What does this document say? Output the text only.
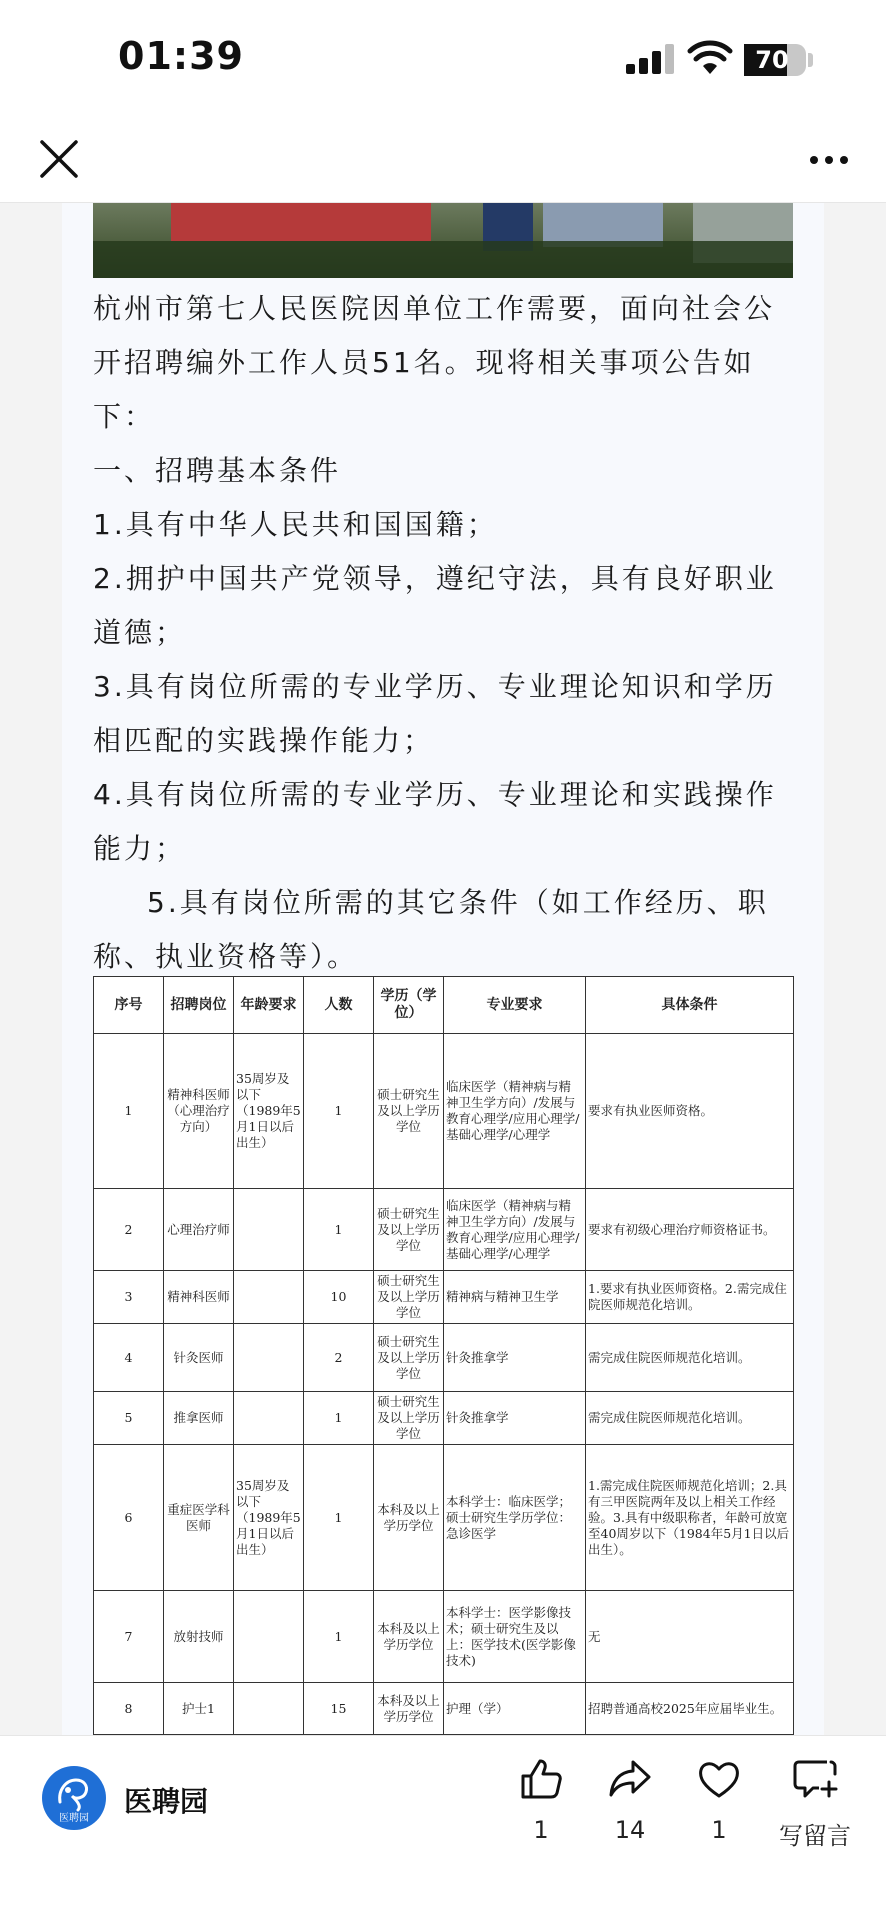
01:39	70
杭州市第七人民医院因单位工作需要，面向社会公开招聘编外工作人员51名。现将相关事项公告如下：
一、招聘基本条件
1.具有中华人民共和国国籍；
2.拥护中国共产党领导，遵纪守法，具有良好职业道德；
3.具有岗位所需的专业学历、专业理论知识和学历相匹配的实践操作能力；
4.具有岗位所需的专业学历、专业理论和实践操作能力；
5.具有岗位所需的其它条件（如工作经历、职称、执业资格等）。
序号	招聘岗位	年龄要求	人数	学历（学位）	专业要求	具体条件
1	精神科医师（心理治疗方向）	35周岁及以下（1989年5月1日以后出生）	1	硕士研究生及以上学历学位	临床医学（精神病与精神卫生学方向）/发展与教育心理学/应用心理学/基础心理学/心理学	要求有执业医师资格。
2	心理治疗师		1	硕士研究生及以上学历学位	临床医学（精神病与精神卫生学方向）/发展与教育心理学/应用心理学/基础心理学/心理学	要求有初级心理治疗师资格证书。
3	精神科医师		10	硕士研究生及以上学历学位	精神病与精神卫生学	1.要求有执业医师资格。2.需完成住院医师规范化培训。
4	针灸医师		2	硕士研究生及以上学历学位	针灸推拿学	需完成住院医师规范化培训。
5	推拿医师		1	硕士研究生及以上学历学位	针灸推拿学	需完成住院医师规范化培训。
6	重症医学科医师	35周岁及以下（1989年5月1日以后出生）	1	本科及以上学历学位	本科学士：临床医学；硕士研究生学历学位：急诊医学	1.需完成住院医师规范化培训；2.具有三甲医院两年及以上相关工作经验。3.具有中级职称者，年龄可放宽至40周岁以下（1984年5月1日以后出生）。
7	放射技师		1	本科及以上学历学位	本科学士：医学影像技术；硕士研究生及以上：医学技术(医学影像技术)	无
8	护士1		15	本科及以上学历学位	护理（学）	招聘普通高校2025年应届毕业生。

医聘园
医聘园
1	14	1	写留言
